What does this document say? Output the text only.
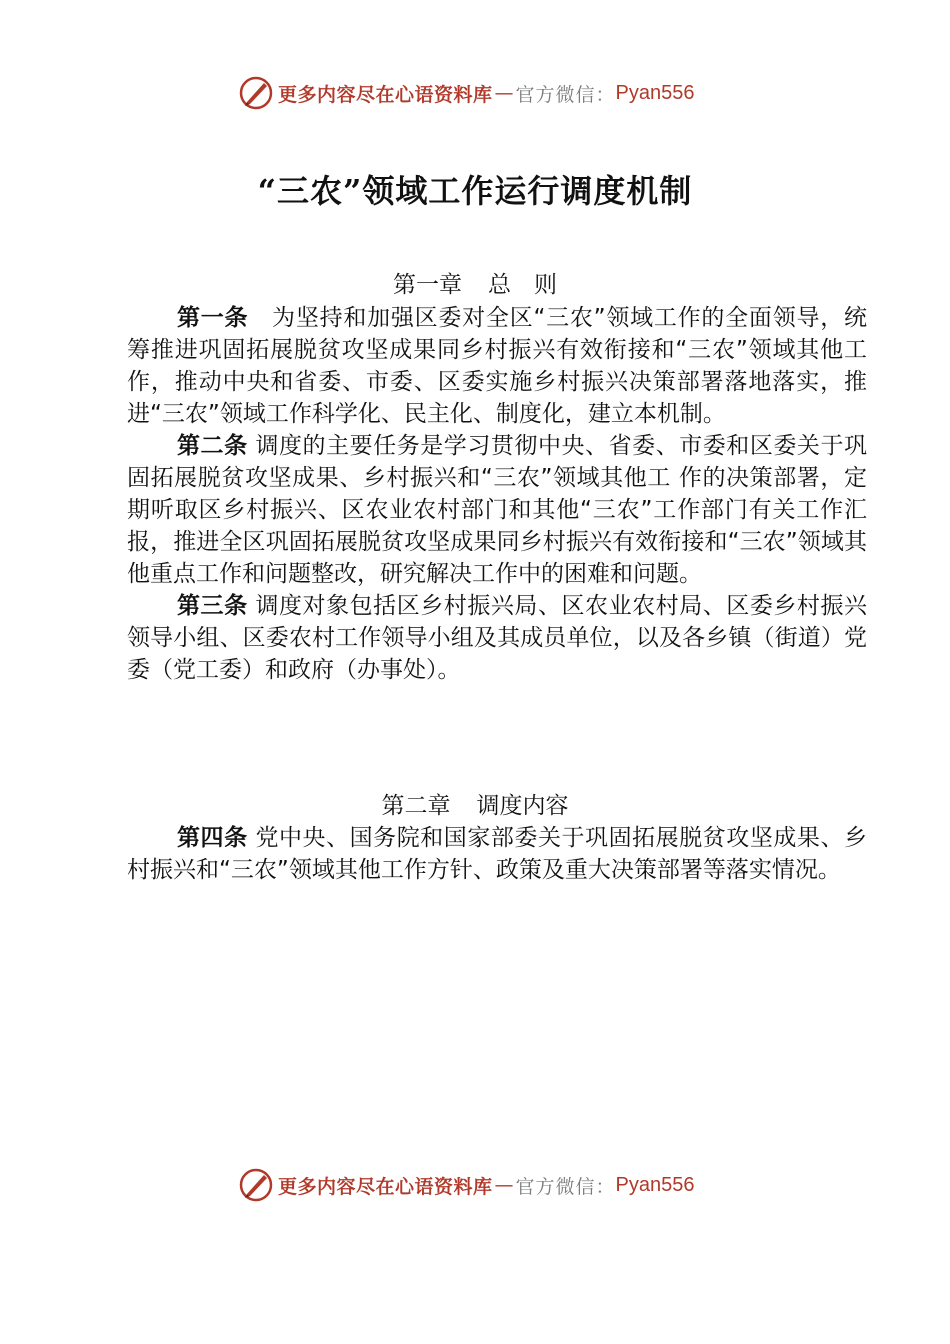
更多内容尽在心语资料库 — 官方微信： Pyan556
“三农”领域工作运行调度机制
第一章 总　则

第一条　为坚持和加强区委对全区“三农”领域工作的全面领导，统筹推进巩固拓展脱贫攻坚成果同乡村振兴有效衔接和“三农”领域其他工作，推动中央和省委、市委、区委实施乡村振兴决策部署落地落实，推进“三农”领域工作科学化、民主化、制度化，建立本机制。

第二条 调度的主要任务是学习贯彻中央、省委、市委和区委关于巩固拓展脱贫攻坚成果、乡村振兴和“三农”领域其他工 作的决策部署，定期听取区乡村振兴、区农业农村部门和其他“三农”工作部门有关工作汇报，推进全区巩固拓展脱贫攻坚成果同乡村振兴有效衔接和“三农”领域其他重点工作和问题整改，研究解决工作中的困难和问题。

第三条 调度对象包括区乡村振兴局、区农业农村局、区委乡村振兴领导小组、区委农村工作领导小组及其成员单位，以及各乡镇（街道）党委（党工委）和政府（办事处）。

第二章 调度内容

第四条 党中央、国务院和国家部委关于巩固拓展脱贫攻坚成果、乡村振兴和“三农”领域其他工作方针、政策及重大决策部署等落实情况。

更多内容尽在心语资料库 — 官方微信： Pyan556
